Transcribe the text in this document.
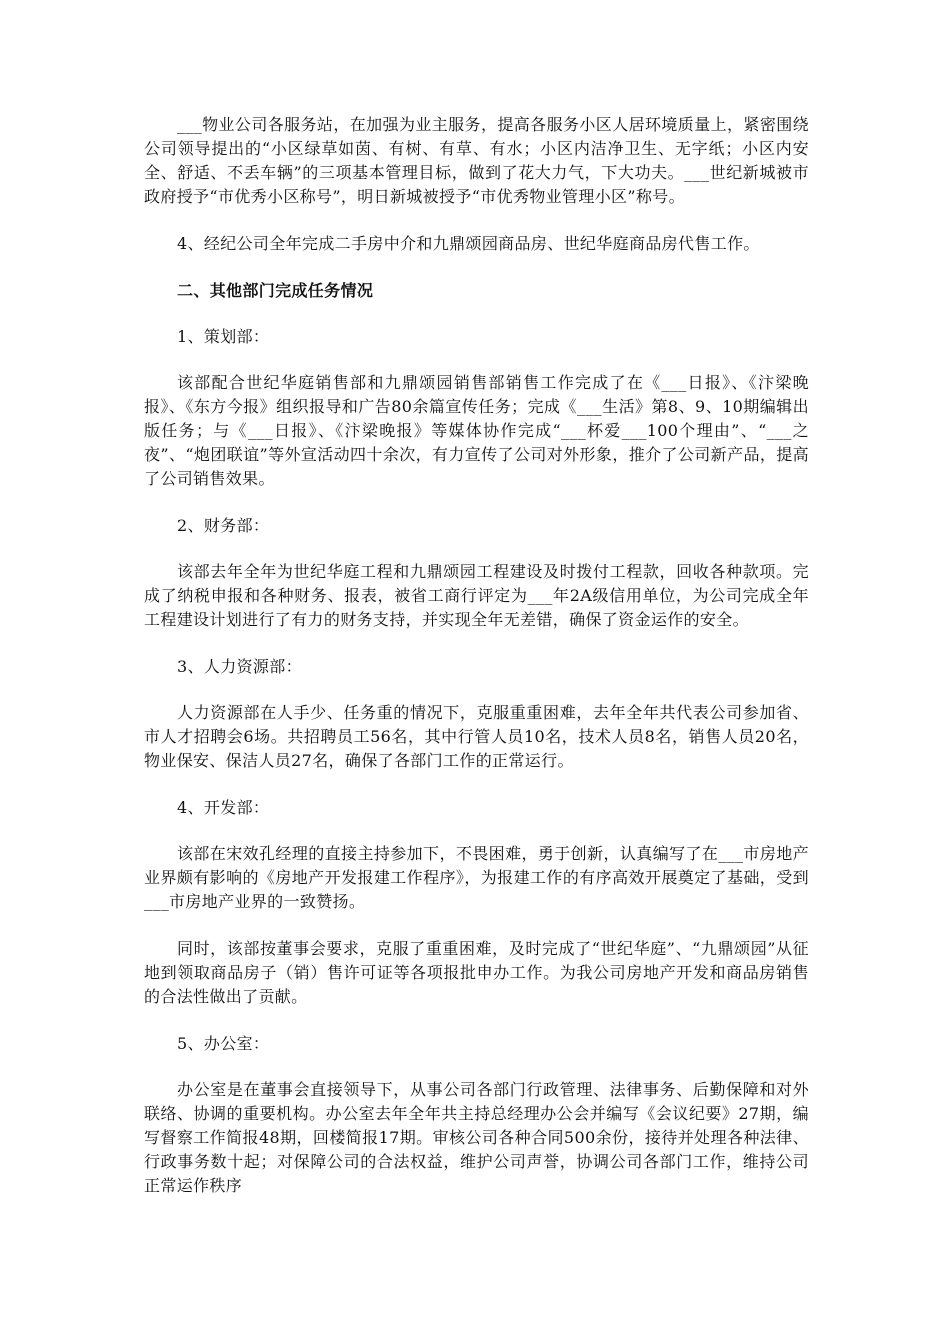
___物业公司各服务站，在加强为业主服务，提高各服务小区人居环境质量上，紧密围绕公司领导提出的“小区绿草如茵、有树、有草、有水；小区内洁净卫生、无字纸；小区内安全、舒适、不丢车辆”的三项基本管理目标，做到了花大力气，下大功夫。___世纪新城被市政府授予“市优秀小区称号”，明日新城被授予“市优秀物业管理小区”称号。

4、经纪公司全年完成二手房中介和九鼎颂园商品房、世纪华庭商品房代售工作。

二、其他部门完成任务情况

1、策划部：

该部配合世纪华庭销售部和九鼎颂园销售部销售工作完成了在《___日报》、《汴梁晚报》、《东方今报》组织报导和广告80余篇宣传任务；完成《___生活》第8、9、10期编辑出版任务；与《___日报》、《汴梁晚报》等媒体协作完成“___杯爱___100个理由”、“___之夜”、“炮团联谊”等外宣活动四十余次，有力宣传了公司对外形象，推介了公司新产品，提高了公司销售效果。

2、财务部：

该部去年全年为世纪华庭工程和九鼎颂园工程建设及时拨付工程款，回收各种款项。完成了纳税申报和各种财务、报表，被省工商行评定为___年2A级信用单位，为公司完成全年工程建设计划进行了有力的财务支持，并实现全年无差错，确保了资金运作的安全。

3、人力资源部：

人力资源部在人手少、任务重的情况下，克服重重困难，去年全年共代表公司参加省、市人才招聘会6场。共招聘员工56名，其中行管人员10名，技术人员8名，销售人员20名，物业保安、保洁人员27名，确保了各部门工作的正常运行。

4、开发部：

该部在宋效孔经理的直接主持参加下，不畏困难，勇于创新，认真编写了在___市房地产业界颇有影响的《房地产开发报建工作程序》，为报建工作的有序高效开展奠定了基础，受到___市房地产业界的一致赞扬。

同时，该部按董事会要求，克服了重重困难，及时完成了“世纪华庭”、“九鼎颂园”从征地到领取商品房子（销）售许可证等各项报批申办工作。为我公司房地产开发和商品房销售的合法性做出了贡献。

5、办公室：

办公室是在董事会直接领导下，从事公司各部门行政管理、法律事务、后勤保障和对外联络、协调的重要机构。办公室去年全年共主持总经理办公会并编写《会议纪要》27期，编写督察工作简报48期，回楼简报17期。审核公司各种合同500余份，接待并处理各种法律、行政事务数十起；对保障公司的合法权益，维护公司声誉，协调公司各部门工作，维持公司正常运作秩序
